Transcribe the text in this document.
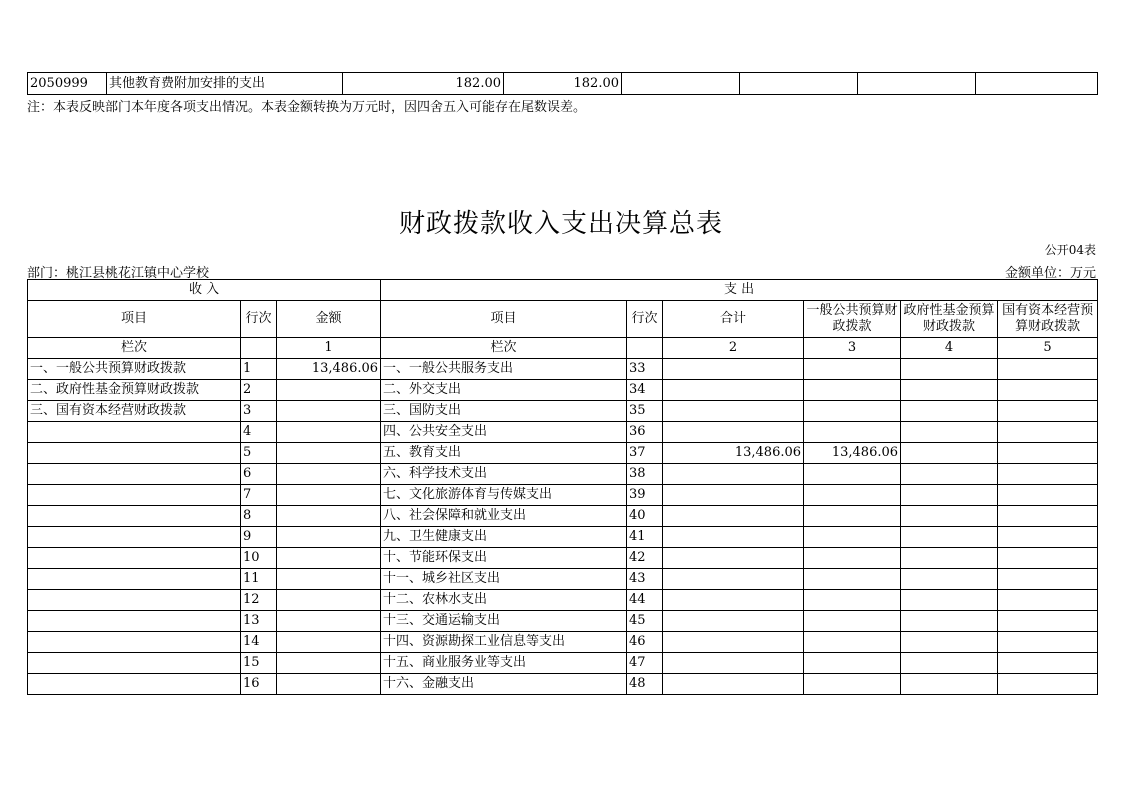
2050999	其他教育费附加安排的支出	182.00	182.00				
注：本表反映部门本年度各项支出情况。本表金额转换为万元时，因四舍五入可能存在尾数误差。
财政拨款收入支出决算总表
公开04表
部门：桃江县桃花江镇中心学校	金额单位：万元
收 入			支 出					
项目	行次	金额	项目	行次	合计	一般公共预算财政拨款	政府性基金预算财政拨款	国有资本经营预算财政拨款
栏次		1	栏次		2	3	4	5
一、一般公共预算财政拨款	1	13,486.06	一、一般公共服务支出	33				
二、政府性基金预算财政拨款	2		二、外交支出	34				
三、国有资本经营财政拨款	3		三、国防支出	35				
	4		四、公共安全支出	36				
	5		五、教育支出	37	13,486.06	13,486.06		
	6		六、科学技术支出	38				
	7		七、文化旅游体育与传媒支出	39				
	8		八、社会保障和就业支出	40				
	9		九、卫生健康支出	41				
	10		十、节能环保支出	42				
	11		十一、城乡社区支出	43				
	12		十二、农林水支出	44				
	13		十三、交通运输支出	45				
	14		十四、资源勘探工业信息等支出	46				
	15		十五、商业服务业等支出	47				
	16		十六、金融支出	48				
